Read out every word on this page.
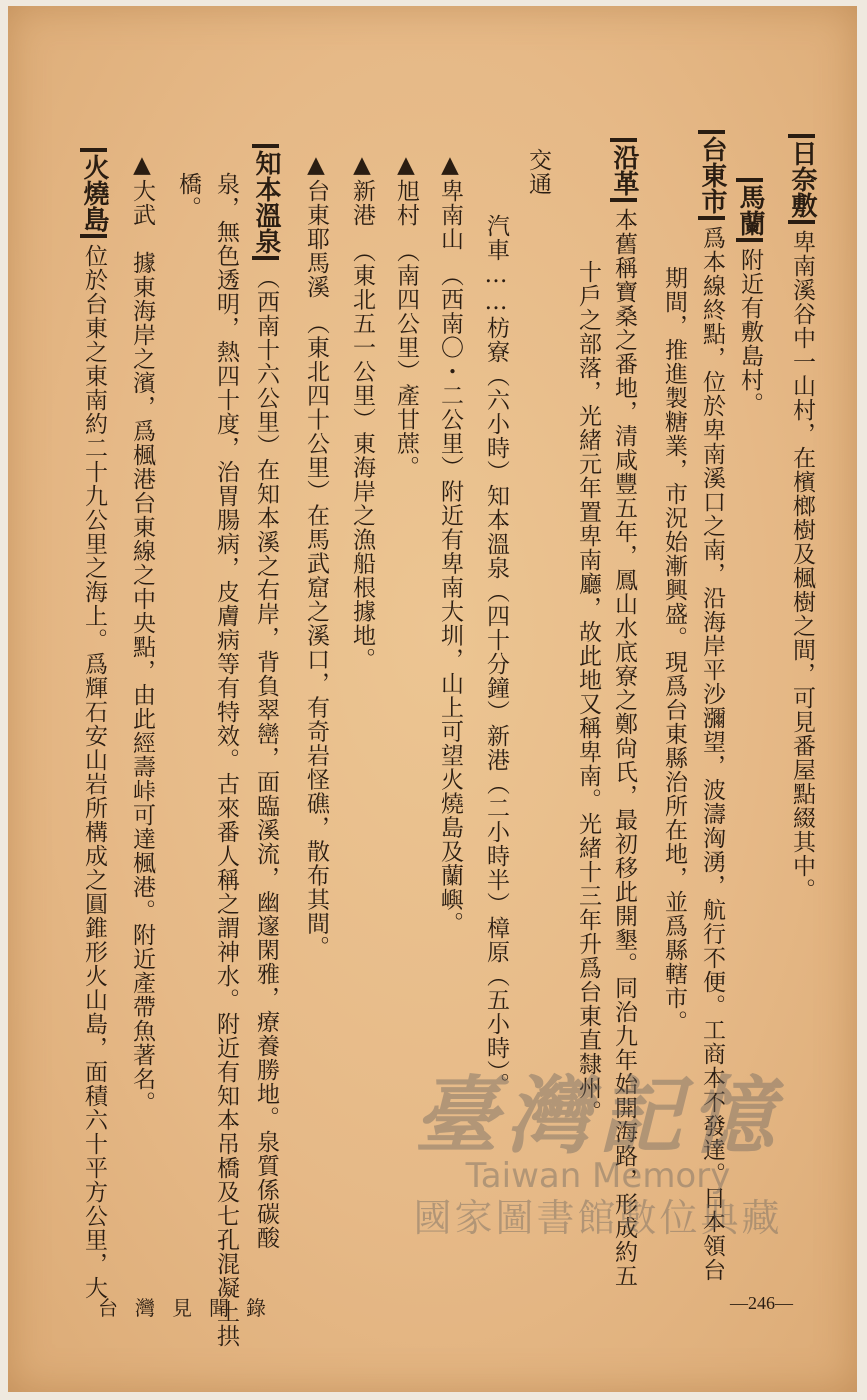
日奈敷卑南溪谷中一山村，在檳榔樹及楓樹之間，可見番屋點綴其中。
馬蘭附近有敷島村。
台東市爲本線終點，位於卑南溪口之南，沿海岸平沙瀰望，波濤洶湧，航行不便。工商本不發達。日本領台
期間，推進製糖業，市況始漸興盛。現爲台東縣治所在地，並爲縣轄市。
沿革本舊稱寶桑之番地，清咸豐五年，鳳山水底寮之鄭尙氏，最初移此開墾。同治九年始開海路，形成約五
十戶之部落，光緒元年置卑南廳，故此地又稱卑南。光緒十三年升爲台東直隸州。
交通
汽車……枋寮（六小時）知本溫泉（四十分鐘）新港（二小時半）樟原（五小時）。
▲卑南山　（西南〇・二公里）附近有卑南大圳，山上可望火燒島及蘭嶼。
▲旭村　（南四公里）產甘蔗。
▲新港　（東北五一公里）東海岸之漁船根據地。
▲台東耶馬溪　（東北四十公里）在馬武窟之溪口，有奇岩怪礁，散布其間。
知本溫泉（西南十六公里）在知本溪之右岸，背負翠巒，面臨溪流，幽邃閑雅，療養勝地。泉質係碳酸
泉，無色透明，熱四十度，治胃腸病，皮膚病等有特效。古來番人稱之謂神水。附近有知本吊橋及七孔混凝土拱
橋。
▲大武　據東海岸之濱，爲楓港台東線之中央點，由此經壽峠可達楓港。附近產帶魚著名。
火燒島位於台東之東南約二十九公里之海上。爲輝石安山岩所構成之圓錐形火山島，面積六十平方公里，大	臺灣記憶
Taiwan Memory
國家圖書館數位典藏
台灣見聞錄	—246—
